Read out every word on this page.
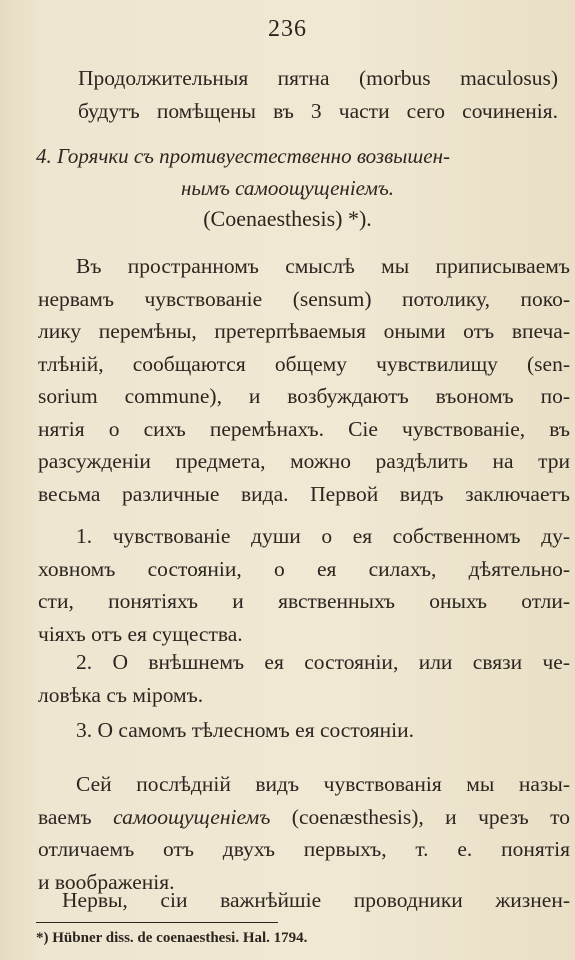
236
Продолжительныя пятна (morbus maculosus)
будутъ помѣщены въ 3 части сего сочиненія.
4. Горячки съ противуестественно возвышен-
нымъ самоощущеніемъ.
(Coenaesthesis) *).
Въ пространномъ смыслѣ мы приписываемъ
нервамъ чувствованіе (sensum) потолику, поко-
лику перемѣны, претерпѣваемыя оными отъ впеча-
тлѣній, сообщаются общему чувствилищу (sen-
sorium commune), и возбуждаютъ въономъ по-
нятія о сихъ перемѣнахъ. Сіе чувствованіе, въ
разсужденіи предмета, можно раздѣлить на три
весьма различные вида. Первой видъ заключаетъ
1. чувствованіе души о ея собственномъ ду-
ховномъ состояніи, о ея силахъ, дѣятельно-
сти, понятіяхъ и явственныхъ оныхъ отли-
чіяхъ отъ ея существа.
2. О внѣшнемъ ея состояніи, или связи че-
ловѣка съ міромъ.
3. О самомъ тѣлесномъ ея состояніи.
Сей послѣдній видъ чувствованія мы назы-
ваемъ самоощущеніемъ (coenæsthesis), и чрезъ то
отличаемъ отъ двухъ первыхъ, т. е. понятія
и воображенія.
Нервы, сіи важнѣйшіе проводники жизнен-
*) Hübner diss. de coenaesthesi. Hal. 1794.
